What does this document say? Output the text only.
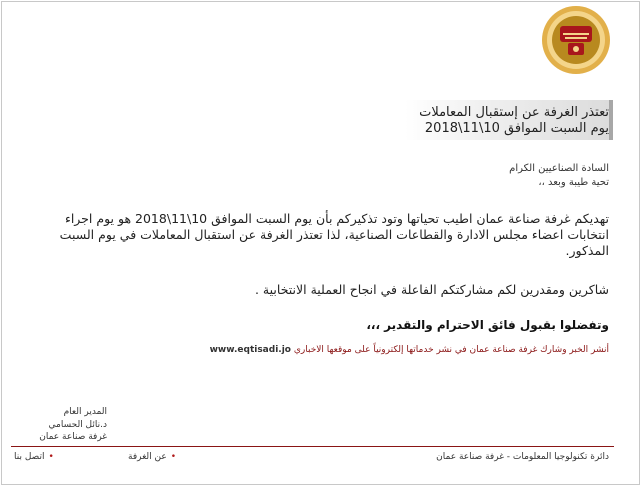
تعتذر الغرفة عن إستقبال المعاملات
يوم السبت الموافق 10\11\2018
السادة الصناعيين الكرام
تحية طيبة وبعد ،،
تهديكم غرفة صناعة عمان اطيب تحياتها وتود تذكيركم بأن يوم السبت الموافق 10\11\2018 هو يوم اجراء انتخابات اعضاء مجلس الادارة والقطاعات الصناعية، لذا تعتذر الغرفة عن استقبال المعاملات في يوم السبت المذكور.
شاكرين ومقدرين لكم مشاركتكم الفاعلة في انجاح العملية الانتخابية .
وتفضلوا بقبول فائق الاحترام والتقدير ،،،
أنشر الخبر وشارك غرفة صناعة عمان في نشر خدماتها إلكترونياً على موقعها الاخباري www.eqtisadi.jo
المدير العام
د.نائل الحسامي
غرفة صناعة عمان
دائرة تكنولوجيا المعلومات - غرفة صناعة عمان
•عن الغرفة
•اتصل بنا
